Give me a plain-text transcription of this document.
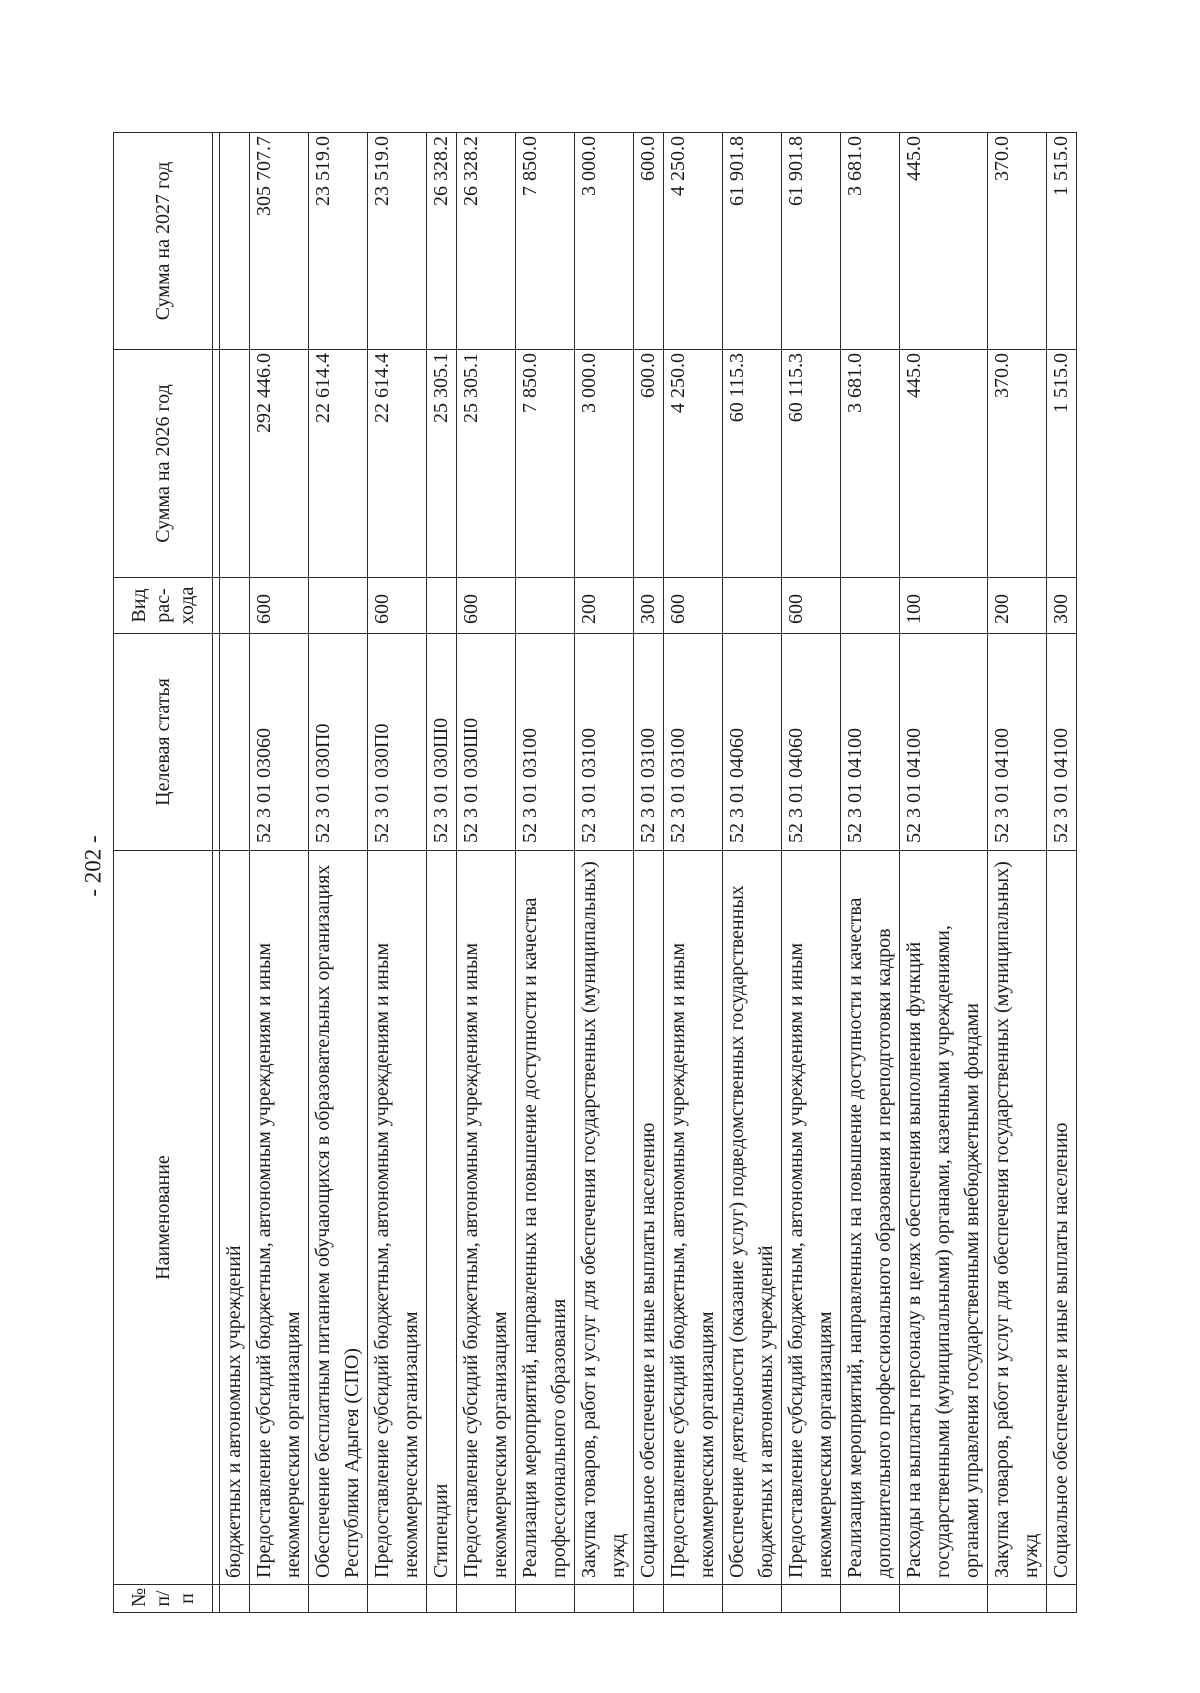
- 202 -
№ п/п	Наименование	Целевая статья	Вид рас- хода	Сумма на 2026 год	Сумма на 2027 год

	бюджетных и автономных учреждений				
	Предоставление субсидий бюджетным, автономным учреждениям и иным некоммерческим организациям	52 3 01 03060	600	292 446.0	305 707.7
	Обеспечение бесплатным питанием обучающихся в образовательных организациях Республики Адыгея (СПО)	52 3 01 030П0		22 614.4	23 519.0
	Предоставление субсидий бюджетным, автономным учреждениям и иным некоммерческим организациям	52 3 01 030П0	600	22 614.4	23 519.0
	Стипендии	52 3 01 030Ш0		25 305.1	26 328.2
	Предоставление субсидий бюджетным, автономным учреждениям и иным некоммерческим организациям	52 3 01 030Ш0	600	25 305.1	26 328.2
	Реализация мероприятий, направленных на повышение доступности и качества профессионального образования	52 3 01 03100		7 850.0	7 850.0
	Закупка товаров, работ и услуг для обеспечения государственных (муниципальных) нужд	52 3 01 03100	200	3 000.0	3 000.0
	Социальное обеспечение и иные выплаты населению	52 3 01 03100	300	600.0	600.0
	Предоставление субсидий бюджетным, автономным учреждениям и иным некоммерческим организациям	52 3 01 03100	600	4 250.0	4 250.0
	Обеспечение деятельности (оказание услуг) подведомственных государственных бюджетных и автономных учреждений	52 3 01 04060		60 115.3	61 901.8
	Предоставление субсидий бюджетным, автономным учреждениям и иным некоммерческим организациям	52 3 01 04060	600	60 115.3	61 901.8
	Реализация мероприятий, направленных на повышение доступности и качества дополнительного профессионального образования и переподготовки кадров	52 3 01 04100		3 681.0	3 681.0
	Расходы на выплаты персоналу в целях обеспечения выполнения функций государственными (муниципальными) органами, казенными учреждениями, органами управления государственными внебюджетными фондами	52 3 01 04100	100	445.0	445.0
	Закупка товаров, работ и услуг для обеспечения государственных (муниципальных) нужд	52 3 01 04100	200	370.0	370.0
	Социальное обеспечение и иные выплаты населению	52 3 01 04100	300	1 515.0	1 515.0
